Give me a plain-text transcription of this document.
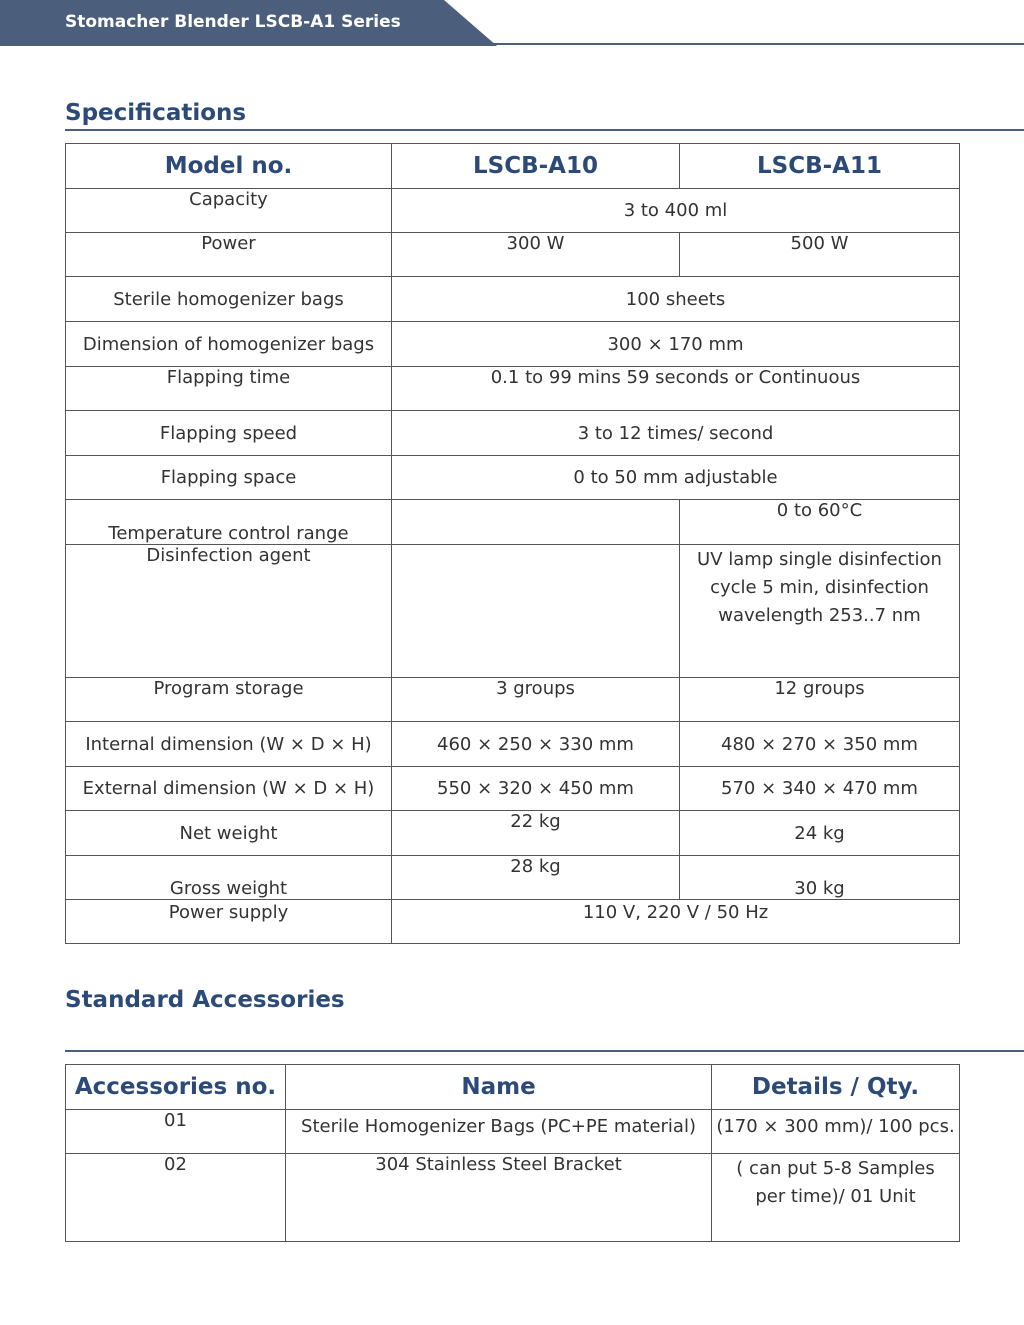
Stomacher Blender LSCB-A1 Series
Specifications
Model no.	LSCB-A10	LSCB-A11
Capacity	3 to 400 ml	
Power	300 W	500 W
Sterile homogenizer bags	100 sheets	
Dimension of homogenizer bags	300 × 170 mm	
Flapping time	0.1 to 99 mins 59 seconds or Continuous	
Flapping speed	3 to 12 times/ second	
Flapping space	0 to 50 mm adjustable	
Temperature control range		0 to 60°C
Disinfection agent		UV lamp single disinfection cycle 5 min, disinfection wavelength 253..7 nm
Program storage	3 groups	12 groups
Internal dimension (W × D × H)	460 × 250 × 330 mm	480 × 270 × 350 mm
External dimension (W × D × H)	550 × 320 × 450 mm	570 × 340 × 470 mm
Net weight	22 kg	24 kg
Gross weight	28 kg	30 kg
Power supply	110 V, 220 V / 50 Hz	
Standard Accessories
Accessories no.	Name	Details / Qty.
01	Sterile Homogenizer Bags (PC+PE material)	(170 × 300 mm)/ 100 pcs.
02	304 Stainless Steel Bracket	( can put 5-8 Samples per time)/ 01 Unit
